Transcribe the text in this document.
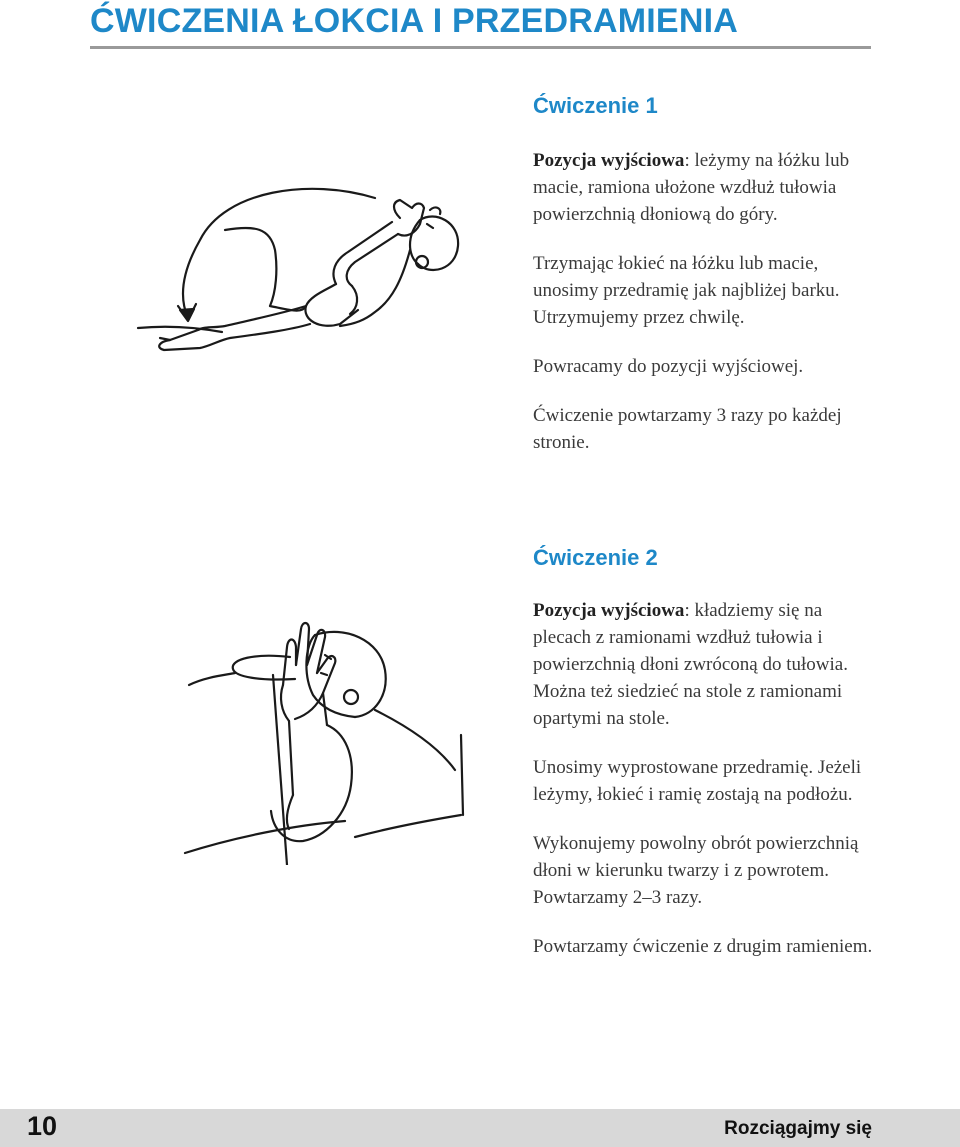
ĆWICZENIA ŁOKCIA I PRZEDRAMIENIA
Ćwiczenie 1

Pozycja wyjściowa: leżymy na łóżku lub macie, ramiona ułożone wzdłuż tułowia powierzchnią dłoniową do góry.

Trzymając łokieć na łóżku lub macie, unosimy przedramię jak najbliżej barku. Utrzymujemy przez chwilę.

Powracamy do pozycji wyjściowej.

Ćwiczenie powtarzamy 3 razy po każdej stronie.

Ćwiczenie 2

Pozycja wyjściowa: kładziemy się na plecach z ramionami wzdłuż tułowia i powierzchnią dłoni zwróconą do tułowia. Można też siedzieć na stole z ramionami opartymi na stole.

Unosimy wyprostowane przedramię. Jeżeli leżymy, łokieć i ramię zostają na podłożu.

Wykonujemy powolny obrót powierzchnią dłoni w kierunku twarzy i z powrotem. Powtarzamy 2–3 razy.

Powtarzamy ćwiczenie z drugim ramieniem.

10	Rozciągajmy się
